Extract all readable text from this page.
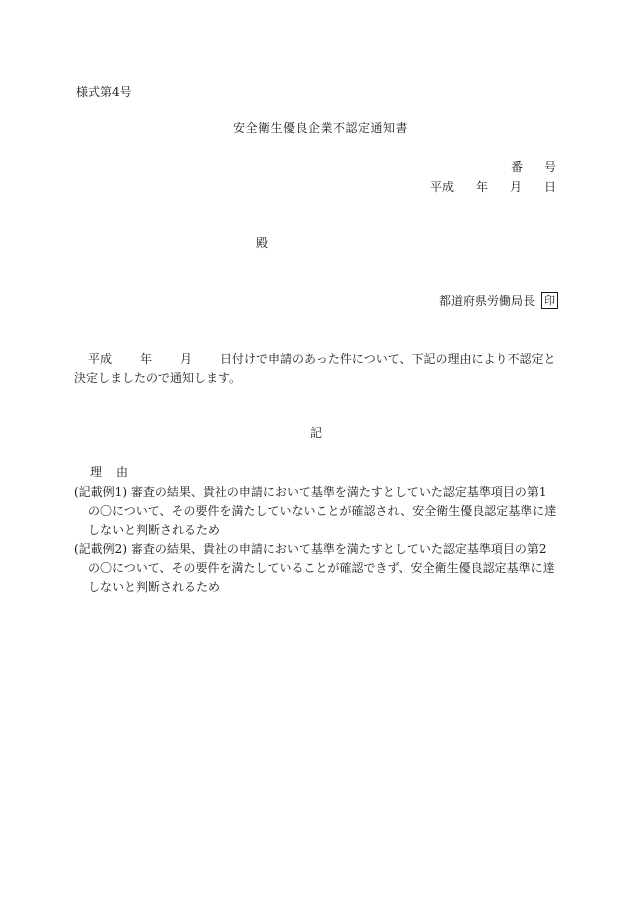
様式第4号
安全衛生優良企業不認定通知書
番 号
平成 年 月 日
殿
都道府県労働局長 印
平成 年 月 日付けで申請のあった件について、下記の理由により不認定と決定しましたので通知します。
記
理 由
(記載例1) 審査の結果、貴社の申請において基準を満たすとしていた認定基準項目の第1の〇について、その要件を満たしていないことが確認され、安全衛生優良認定基準に達しないと判断されるため
(記載例2) 審査の結果、貴社の申請において基準を満たすとしていた認定基準項目の第2の〇について、その要件を満たしていることが確認できず、安全衛生優良認定基準に達しないと判断されるため
